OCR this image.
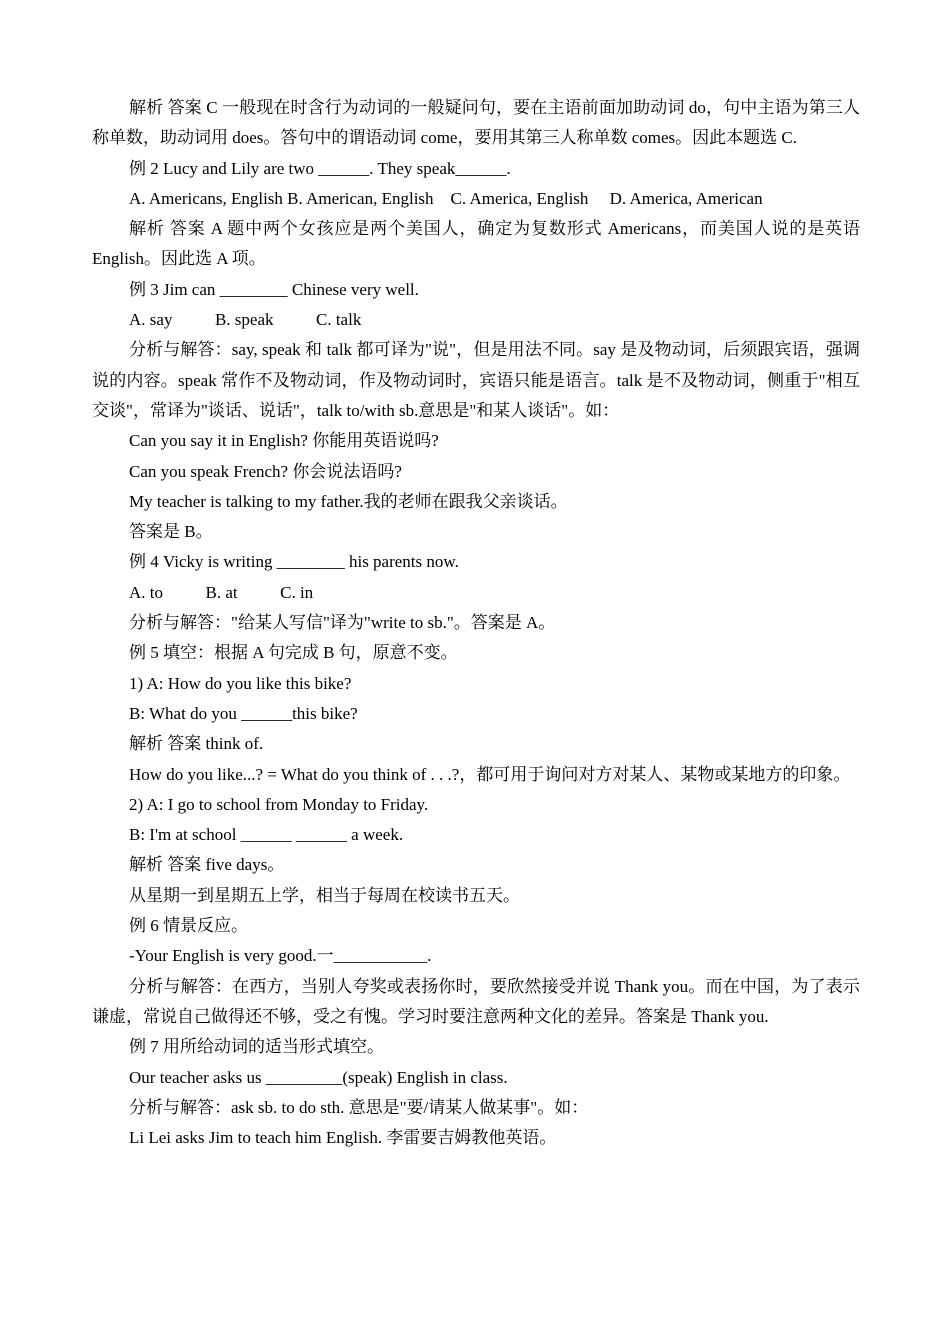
解析 答案 C 一般现在时含行为动词的一般疑问句，要在主语前面加助动词 do，句中主语为第三人称单数，助动词用 does。答句中的谓语动词 come，要用其第三人称单数 comes。因此本题选 C.

例 2 Lucy and Lily are two ______. They speak______.

A. Americans, English B. American, English    C. America, English     D. America, American

解析 答案 A 题中两个女孩应是两个美国人，确定为复数形式 Americans，而美国人说的是英语 English。因此选 A 项。

例 3 Jim can ________ Chinese very well.

A. say          B. speak          C. talk

分析与解答：say, speak 和 talk 都可译为"说"，但是用法不同。say 是及物动词，后须跟宾语，强调说的内容。speak 常作不及物动词，作及物动词时，宾语只能是语言。talk 是不及物动词，侧重于"相互交谈"，常译为"谈话、说话"，talk to/with sb.意思是"和某人谈话"。如：

Can you say it in English? 你能用英语说吗?

Can you speak French? 你会说法语吗?

My teacher is talking to my father.我的老师在跟我父亲谈话。

答案是 B。

例 4 Vicky is writing ________ his parents now.

A. to          B. at          C. in

分析与解答："给某人写信"译为"write to sb."。答案是 A。

例 5 填空：根据 A 句完成 B 句，原意不变。

1) A: How do you like this bike?

B: What do you ______this bike?

解析 答案 think of.

How do you like...? = What do you think of . . .?，都可用于询问对方对某人、某物或某地方的印象。

2) A: I go to school from Monday to Friday.

B: I'm at school ______ ______ a week.

解析 答案 five days。

从星期一到星期五上学，相当于每周在校读书五天。

例 6 情景反应。

-Your English is very good.一___________.

分析与解答：在西方，当别人夸奖或表扬你时，要欣然接受并说 Thank you。而在中国，为了表示谦虚，常说自己做得还不够，受之有愧。学习时要注意两种文化的差异。答案是 Thank you.

例 7 用所给动词的适当形式填空。

Our teacher asks us _________(speak) English in class.

分析与解答：ask sb. to do sth. 意思是"要/请某人做某事"。如：

Li Lei asks Jim to teach him English. 李雷要吉姆教他英语。
